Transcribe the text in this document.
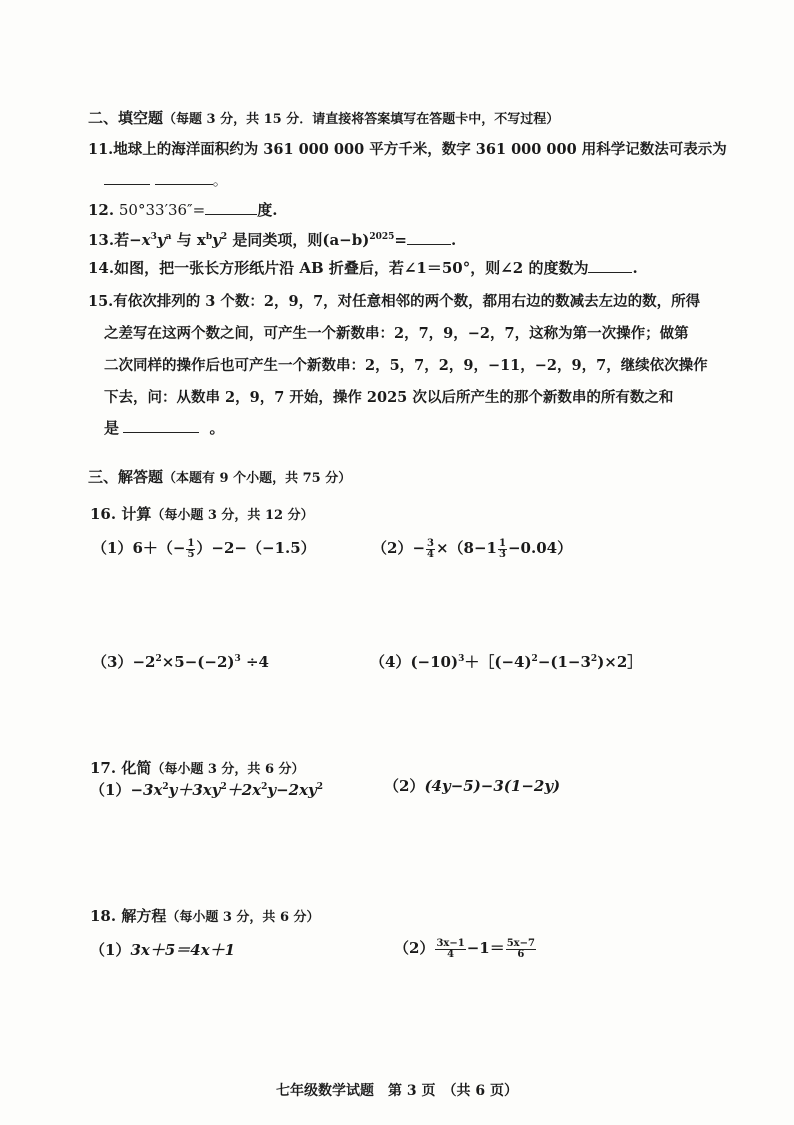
二、填空题（每题 3 分，共 15 分．请直接将答案填写在答题卡中，不写过程）
11.地球上的海洋面积约为 361 000 000 平方千米，数字 361 000 000 用科学记数法可表示为
。
12. 50°33′36″=	度.
13.若$-x^3y^a$ 与 $x^by^2$ 是同类项，则$(a-b)^{2025}=$	.
14.如图，把一张长方形纸片沿 AB 折叠后，若∠1＝50°，则∠2 的度数为	.
15.有依次排列的 3 个数：2，9，7，对任意相邻的两个数，都用右边的数减去左边的数，所得
之差写在这两个数之间，可产生一个新数串：2，7，9，−2，7，这称为第一次操作；做第
二次同样的操作后也可产生一个新数串：2，5，7，2，9，−11，−2，9，7，继续依次操作
下去，问：从数串 2，9，7 开始，操作 2025 次以后所产生的那个新数串的所有数之和
是	。
三、解答题（本题有 9 个小题，共 75 分）
16. 计算（每小题 3 分，共 12 分）
$(1)6+(- \frac{1}{5} )-2-(-1.5)$	$(2)- \frac{3}{4} \times(8-1 \frac{1}{3} -0.04)$
$(3)-2^2\times 5-(-2)^3 \div 4$	$(4)(-10)^3+[(-4)^2-(1-3^2)\times 2]$
17. 化简（每小题 3 分，共 6 分）
$(1)-3x^2y+3xy^2+2x^2y-2xy^2$	（2）(4y−5)−3(1−2y)
18. 解方程（每小题 3 分，共 6 分）
（1）3x＋5＝4x＋1	$(2) \frac{3x-1}{4} -1= \frac{5x-7}{6}$
七年级数学试题　第 3 页　（共 6 页）
